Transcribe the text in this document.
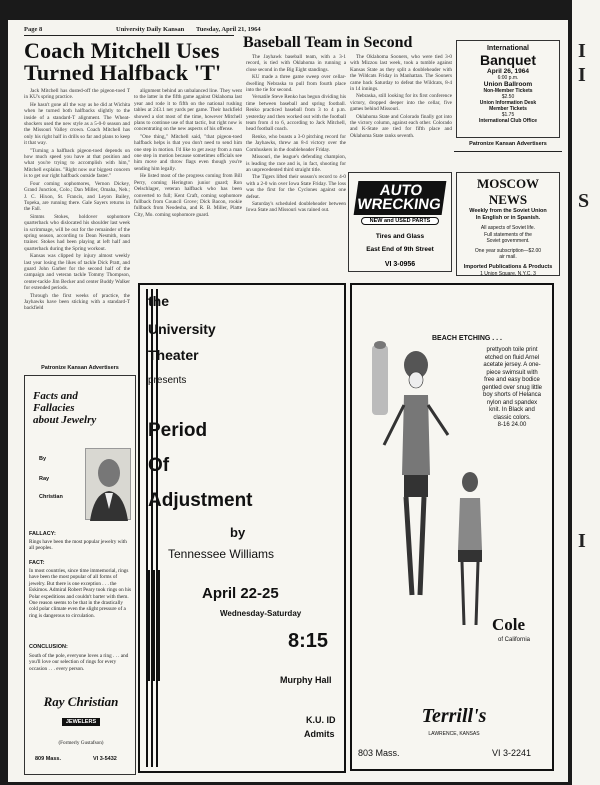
Page 8	University Daily Kansan Tuesday, April 21, 1964
Coach Mitchell Uses Turned Halfback 'T'

Jack Mitchell has dusted-off the pigeon-toed T in KU's spring practice.

He hasn't gone all the way as he did at Wichita when he turned both halfbacks slightly to the inside of a standard-T alignment. The Wheat-shockers used the new style as a 5-0-0 season and the Missouri Valley crown. Coach Mitchell has only his right half in drills so far and plans to keep it that way.

"Turning a halfback pigeon-toed depends on how much speed you have at that position and what you're trying to accomplish with him," Mitchell explains. "Right now our biggest concern is to get our right halfback outside faster."

Four coming sophomores, Vernon Dickey, Grand Junction, Colo.; Dan Miller, Omaha, Neb.; J. C. Hixon, St. Francis, and Leyon Bailey, Topeka, are running there. Gale Sayers returns in the Fall.

Simms Stokes, holdover sophomore quarterback who dislocated his shoulder last week in scrimmage, will be out for the remainder of the spring season, according to Dean Nesmith, team trainer. Stokes had been playing at left half and quarterback during the Spring workout.

Kansas was clipped by injury almost weekly last year losing the likes of tackle Dick Pratt, and guard John Garber for the second half of the campaign and veteran tackle Tommy Thompson, center-tackle Jim Becker and center Buddy Walker for extended periods.

Through the first weeks of practice, the Jayhawks have been sticking with a standard-T backfield

alignment behind an unbalanced line. They went to the latter in the fifth game against Oklahoma last year and rode it to fifth on the national rushing tables at 243.1 net yards per game. Their backfield showed a slot most of the time, however Mitchell plans to continue use of that tactic, but right now is concentrating on the new aspects of his offense.

"One thing," Mitchell said, "that pigeon-toed halfback helps is that you don't need to send him one step in motion. I'd like to get away from a man one step in motion because sometimes officials see him move and throw flags even though you're sending him legally.

He listed most of the progress coming from Bill Perry, coming Herington junior guard; Ron Oelschlager, veteran halfback who has been converted to full; Kent Craft, coming sophomore fullback from Council Grove; Dick Bacon, rookie fullback from Neodesha, and R. B. Miller, Platte City, Mo. coming sophomore guard.

Baseball Team in Second

The Jayhawk baseball team, with a 3-1 record, is tied with Oklahoma in running a close second in the Big Eight standings.

KU made a three game sweep over cellar-dwelling Nebraska to pull from fourth place into the tie for second.

Versatile Steve Renko has begun dividing his time between baseball and spring football. Renko practiced baseball from 3 to 4 p.m. yesterday and then worked out with the football team from 4 to 6, according to Jack Mitchell, head football coach.

Renko, who boasts a 3-0 pitching record for the Jayhawks, threw an 8-4 victory over the Cornhuskers in the doubleheader Friday.

Missouri, the league's defending champion, is leading the race and is, in fact, shooting for an unprecedented third straight title.

The Tigers lifted their season's record to 4-0 with a 2-0 win over Iowa State Friday. The loss was the first for the Cyclones against one defeat.

Saturday's scheduled doubleheader between Iowa State and Missouri was rained out.

The Oklahoma Sooners, who were tied 3-0 with Mizzou last week, took a tumble against Kansas State as they split a doubleheader with the Wildcats Friday in Manhattan. The Sooners came back Saturday to defeat the Wildcats, 8-4 in 14 innings.

Nebraska, still looking for its first conference victory, dropped deeper into the cellar, five games behind Missouri.

Oklahoma State and Colorado finally got into the victory column, against each other. Colorado and K-State are tied for fifth place and Oklahoma State ranks seventh.

International
Banquet
April 26, 1964
6:00 p.m.
Union Ballroom
Non-Member Tickets
$2.50
Union Information Desk
Member Tickets
$1.75
International Club Office
Patronize Kansan Advertisers
AUTO
WRECKING
NEW and USED PARTS
Tires and Glass
East End of 9th Street
VI 3-0956
MOSCOW NEWS
Weekly from the Soviet Union
In English or in Spanish.
All aspects of Soviet life.
Full statements of the
Soviet government.
One year subscription—$2.00
air mail.
Imported Publications & Products
1 Union Square, N.Y.C. 3
Patronize Kansan Advertisers
Facts and
Fallacies
about Jewelry
By
Ray
Christian
FALLACY:
Rings have been the most popular jewelry with all peoples.
FACT:
In most countries, since time immemorial, rings have been the most popular of all forms of jewelry. But there is one exception . . . the Eskimos. Admiral Robert Peary took rings on his Polar expeditions and couldn't barter with them. One reason seems to be that in the drastically cold polar climate even the slight pressure of a ring is dangerous to circulation.
CONCLUSION:
South of the pole, everyone loves a ring . . . and you'll love our selection of rings for every occasion . . . every person.
Ray Christian
JEWELERS
(Formerly Gustafson)
809 Mass.	VI 3-5432
the
University
Theater
presents
Period
Of
Adjustment
by
Tennessee Williams
April 22-25
Wednesday-Saturday
8:15
Murphy Hall
K.U. ID
Admits
BEACH ETCHING . . .
prettyooh toile print
etched on fluid Arnel
acetate jersey. A one-
piece swimsuit with
free and easy bodice
gentled over snug little
boy shorts of Helanca
nylon and spandex
knit. In Black and
classic colors.
8-16 24.00
Cole
of California
Terrill's
LAWRENCE, KANSAS
803 Mass.	VI 3-2241
I
I
S
I
